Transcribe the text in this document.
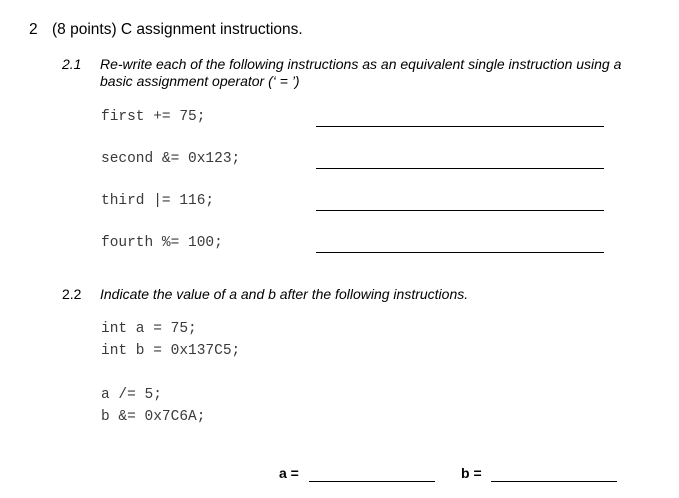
2 (8 points) C assignment instructions.
2.1 Re-write each of the following instructions as an equivalent single instruction using a
basic assignment operator (‘ = ’)
first += 75;
second &= 0x123;
third |= 116;
fourth %= 100;
2.2 Indicate the value of a and b after the following instructions.
int a = 75;
int b = 0x137C5;
a /= 5;
b &= 0x7C6A;
a =	b =
